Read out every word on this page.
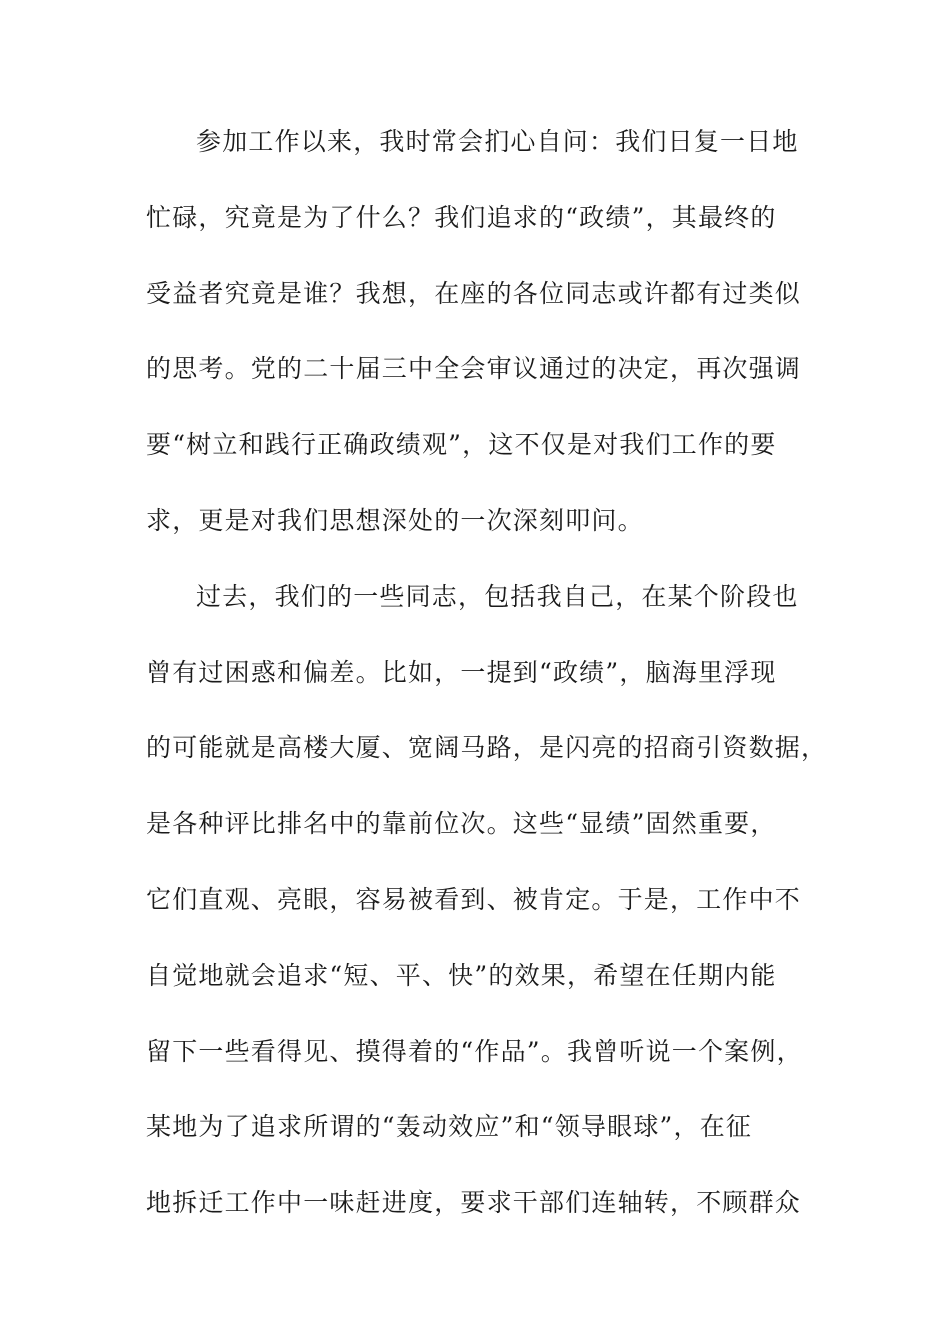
参加工作以来，我时常会扪心自问：我们日复一日地
忙碌，究竟是为了什么？我们追求的“政绩”，其最终的
受益者究竟是谁？我想，在座的各位同志或许都有过类似
的思考。党的二十届三中全会审议通过的决定，再次强调
要“树立和践行正确政绩观”，这不仅是对我们工作的要
求，更是对我们思想深处的一次深刻叩问。
过去，我们的一些同志，包括我自己，在某个阶段也
曾有过困惑和偏差。比如，一提到“政绩”，脑海里浮现
的可能就是高楼大厦、宽阔马路，是闪亮的招商引资数据，
是各种评比排名中的靠前位次。这些“显绩”固然重要，
它们直观、亮眼，容易被看到、被肯定。于是，工作中不
自觉地就会追求“短、平、快”的效果，希望在任期内能
留下一些看得见、摸得着的“作品”。我曾听说一个案例，
某地为了追求所谓的“轰动效应”和“领导眼球”，在征
地拆迁工作中一味赶进度，要求干部们连轴转，不顾群众
